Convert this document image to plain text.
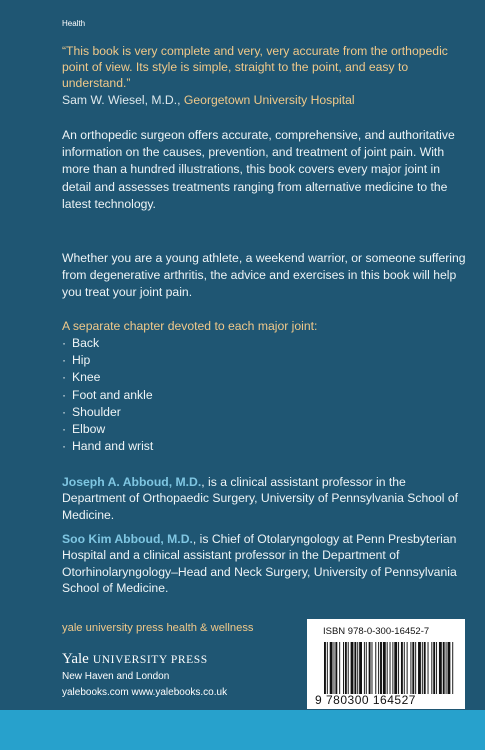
Health
“This book is very complete and very, very accurate from the orthopedic point of view. Its style is simple, straight to the point, and easy to understand.”
Sam W. Wiesel, M.D., Georgetown University Hospital
An orthopedic surgeon offers accurate, comprehensive, and authoritative information on the causes, prevention, and treatment of joint pain. With more than a hundred illustrations, this book covers every major joint in detail and assesses treatments ranging from alternative medicine to the latest technology.
Whether you are a young athlete, a weekend warrior, or someone suffering from degenerative arthritis, the advice and exercises in this book will help you treat your joint pain.
A separate chapter devoted to each major joint:
· Back
· Hip
· Knee
· Foot and ankle
· Shoulder
· Elbow
· Hand and wrist
Joseph A. Abboud, M.D., is a clinical assistant professor in the Department of Orthopaedic Surgery, University of Pennsylvania School of Medicine.
Soo Kim Abboud, M.D., is Chief of Otolaryngology at Penn Presbyterian Hospital and a clinical assistant professor in the Department of Otorhinolaryngology–Head and Neck Surgery, University of Pennsylvania School of Medicine.
yale university press health & wellness
Yale UNIVERSITY PRESS
New Haven and London
yalebooks.com www.yalebooks.co.uk
ISBN 978-0-300-16452-7
9 780300 164527
